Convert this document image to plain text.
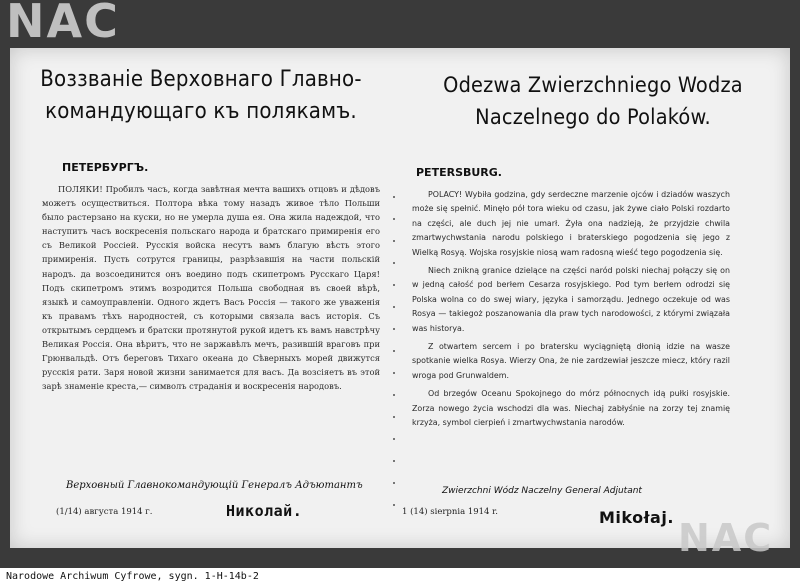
NAC
Воззваніе Верховнаго Главно-командующаго къ полякамъ.
ПЕТЕРБУРГЪ.

ПОЛЯКИ! Пробилъ часъ, когда завѣтная мечта вашихъ отцовъ и дѣдовъ можетъ осуществиться. Полтора вѣка тому назадъ живое тѣло Польши было растерзано на куски, но не умерла душа ея. Она жила надеждой, что наступитъ часъ воскресенія польскаго народа и братскаго примиренія его съ Великой Россіей. Русскія войска несутъ вамъ благую вѣсть этого примиренія. Пусть сотрутся границы, разрѣзавшія на части польскій народъ. да возсоединится онъ воедино подъ скипетромъ Русскаго Царя! Подъ скипетромъ этимъ возродится Польша свободная въ своей вѣрѣ, языкѣ и самоуправленіи. Одного ждетъ Васъ Россія — такого же уваженія къ правамъ тѣхъ народностей, съ которыми связала васъ исторія. Съ открытымъ сердцемъ и братски протянутой рукой идетъ къ вамъ навстрѣчу Великая Россія. Она вѣритъ, что не заржавѣлъ мечъ, разившій враговъ при Грюнвальдѣ. Отъ береговъ Тихаго океана до Сѣверныхъ морей движутся русскія рати. Заря новой жизни занимается для васъ. Да возсіяетъ въ этой зарѣ знаменіе креста,— символъ страданія и воскресенія народовъ.

Верховный Главнокомандующій Генералъ Адъютантъ
(1/14) августа 1914 г.	Николай.
Odezwa Zwierzchniego Wodza Naczelnego do Polaków.
PETERSBURG.

POLACY! Wybiła godzina, gdy serdeczne marzenie ojców i dziadów waszych może się spełnić. Minęło pół tora wieku od czasu, jak żywe ciało Polski rozdarto na części, ale duch jej nie umarł. Żyła ona nadzieją, że przyjdzie chwila zmartwychwstania narodu polskiego i braterskiego pogodzenia się jego z Wielką Rosyą. Wojska rosyjskie niosą wam radosną wieść tego pogodzenia się.

Niech znikną granice dzielące na części naród polski niechaj połączy się on w jedną całość pod berłem Cesarza rosyjskiego. Pod tym berłem odrodzi się Polska wolna co do swej wiary, języka i samorządu. Jednego oczekuje od was Rosya — takiegoż poszanowania dla praw tych narodowości, z którymi związała was historya.

Z otwartem sercem i po bratersku wyciągniętą dłonią idzie na wasze spotkanie wielka Rosya. Wierzy Ona, że nie zardzewiał jeszcze miecz, który razil wroga pod Grunwaldem.

Od brzegów Oceanu Spokojnego do mórz północnych idą pułki rosyjskie. Zorza nowego życia wschodzi dla was. Niechaj zabłyśnie na zorzy tej znamię krzyża, symbol cierpień i zmartwychwstania narodów.

Zwierzchni Wódz Naczelny General Adjutant
1 (14) sierpnia 1914 r.	Mikołaj. NAC
Narodowe Archiwum Cyfrowe, sygn. 1-H-14b-2
